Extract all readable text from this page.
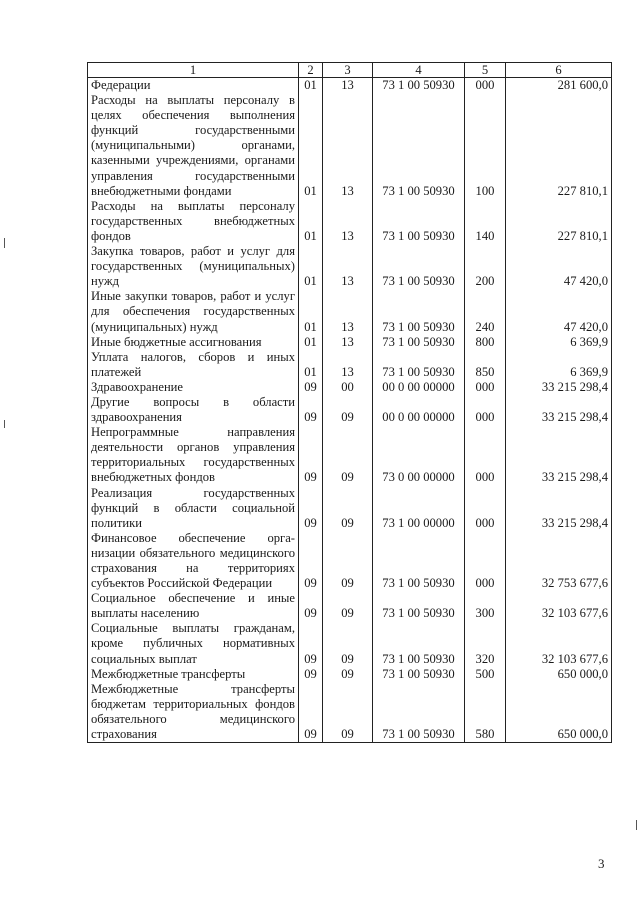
1	2	3	4	5	6
Федерации	01	13	73 1 00 50930	000	281 600,0
Расходы на выплаты персоналу в целях обеспечения выполнения функций государственными (муниципальными) органами, казенными учреждениями, органами управления государственными внебюджетными фондами	01	13	73 1 00 50930	100	227 810,1
Расходы на выплаты персоналу государственных внебюджетных фондов	01	13	73 1 00 50930	140	227 810,1
Закупка товаров, работ и услуг для государственных (муниципальных) нужд	01	13	73 1 00 50930	200	47 420,0
Иные закупки товаров, работ и услуг для обеспечения государственных (муниципальных) нужд	01	13	73 1 00 50930	240	47 420,0
Иные бюджетные ассигнования	01	13	73 1 00 50930	800	6 369,9
Уплата налогов, сборов и иных платежей	01	13	73 1 00 50930	850	6 369,9
Здравоохранение	09	00	00 0 00 00000	000	33 215 298,4
Другие вопросы в области здравоохранения	09	09	00 0 00 00000	000	33 215 298,4
Непрограммные направления деятельности органов управления территориальных государственных внебюджетных фондов	09	09	73 0 00 00000	000	33 215 298,4
Реализация государственных функций в области социальной политики	09	09	73 1 00 00000	000	33 215 298,4
Финансовое обеспечение организации обязательного медицинского страхования на территориях субъектов Российской Федерации	09	09	73 1 00 50930	000	32 753 677,6
Социальное обеспечение и иные выплаты населению	09	09	73 1 00 50930	300	32 103 677,6
Социальные выплаты гражданам, кроме публичных нормативных социальных выплат	09	09	73 1 00 50930	320	32 103 677,6
Межбюджетные трансферты	09	09	73 1 00 50930	500	650 000,0
Межбюджетные трансферты бюджетам территориальных фондов обязательного медицинского страхования	09	09	73 1 00 50930	580	650 000,0
3
